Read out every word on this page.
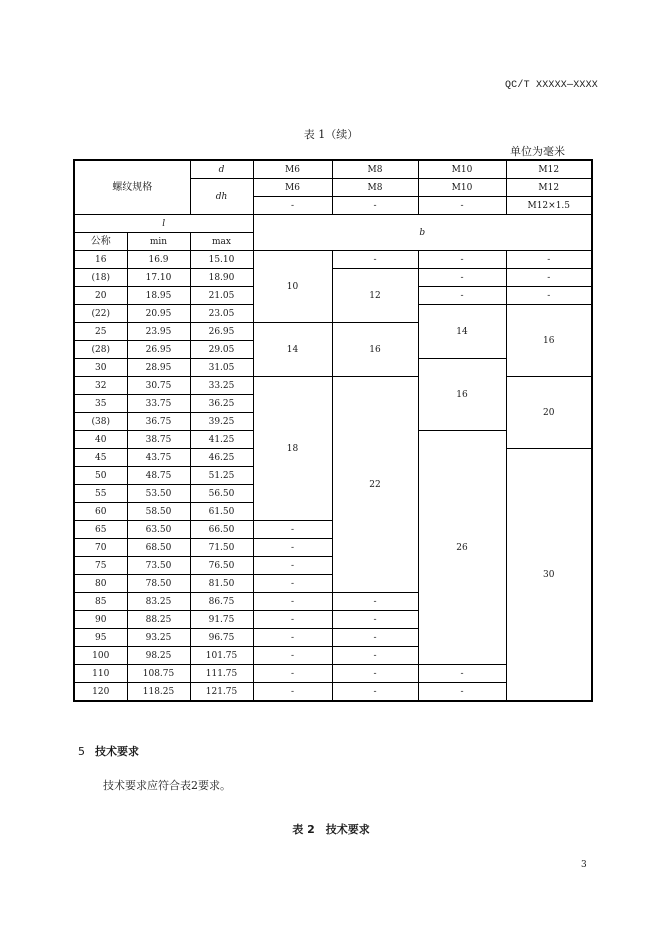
QC/T XXXXX—XXXX
表 1（续）
单位为毫米
螺纹规格		d	M6	M8	M10	M12
		dh	M6	M8	M10	M12
			-	-	-	M12×1.5
l			b			
公称	min	max				
16	16.9	15.10	10	-	-	-
(18)	17.10	18.90		12	-	-
20	18.95	21.05			-	-
(22)	20.95	23.05			14	16
25	23.95	26.95	14	16		
(28)	26.95	29.05				
30	28.95	31.05			16	
32	30.75	33.25	18	22		20
35	33.75	36.25				
(38)	36.75	39.25				
40	38.75	41.25			26	
45	43.75	46.25				30
50	48.75	51.25				
55	53.50	56.50				
60	58.50	61.50				
65	63.50	66.50	-			
70	68.50	71.50	-			
75	73.50	76.50	-			
80	78.50	81.50	-			
85	83.25	86.75	-	-		
90	88.25	91.75	-	-		
95	93.25	96.75	-	-		
100	98.25	101.75	-	-		
110	108.75	111.75	-	-	-	
120	118.25	121.75	-	-	-	
5 技术要求
技术要求应符合表2要求。
表 2　技术要求
3
